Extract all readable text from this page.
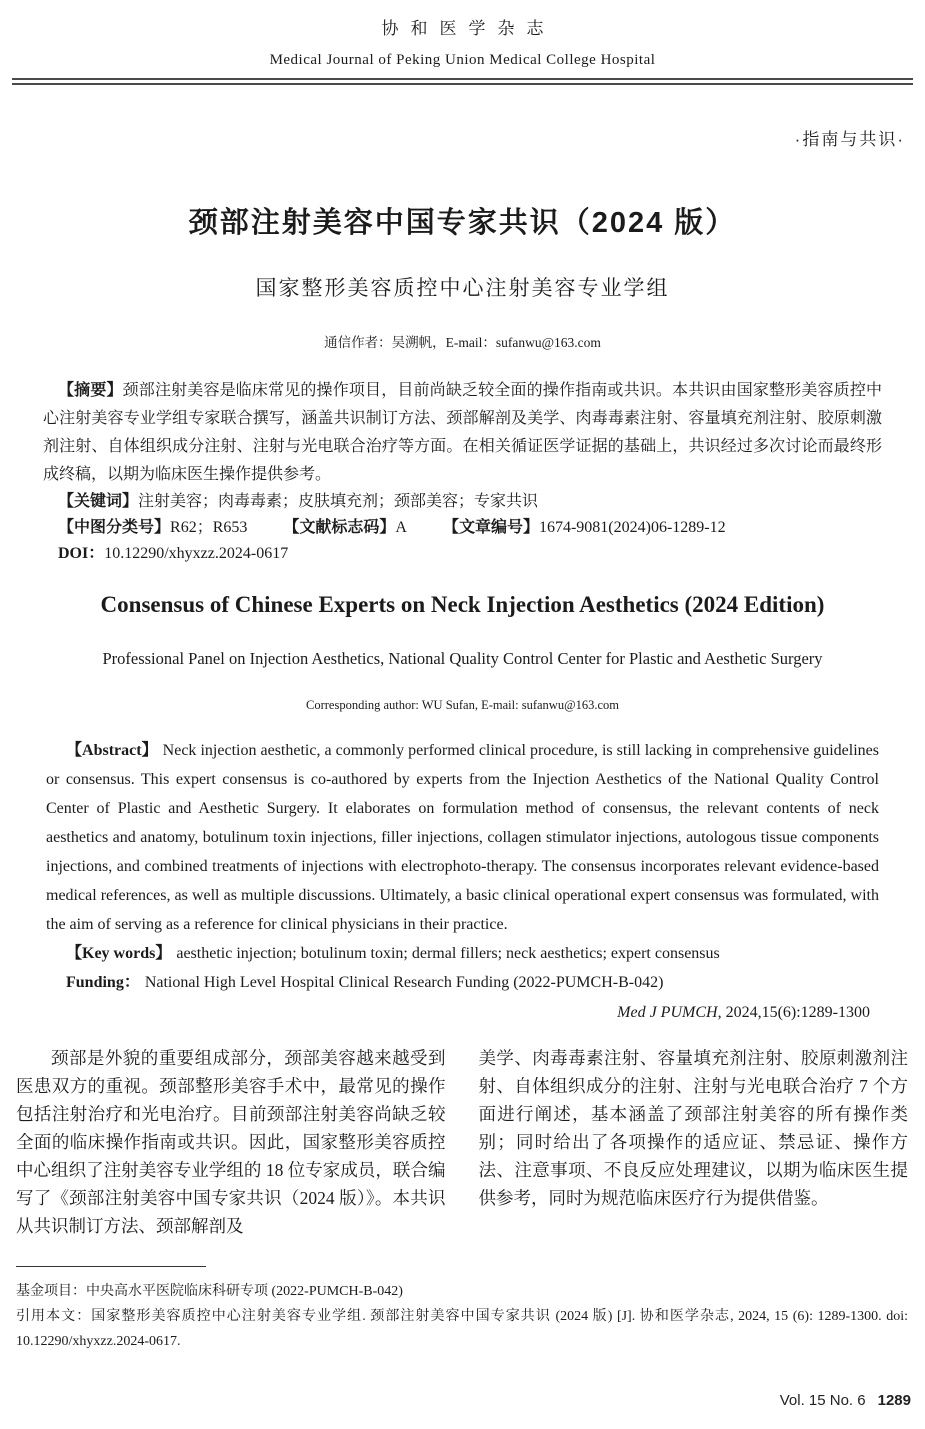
协和医学杂志
Medical Journal of Peking Union Medical College Hospital
·指南与共识·
颈部注射美容中国专家共识（2024 版）
国家整形美容质控中心注射美容专业学组
通信作者：吴溯帆，E-mail：sufanwu@163.com

【摘要】颈部注射美容是临床常见的操作项目，目前尚缺乏较全面的操作指南或共识。本共识由国家整形美容质控中心注射美容专业学组专家联合撰写，涵盖共识制订方法、颈部解剖及美学、肉毒毒素注射、容量填充剂注射、胶原刺激剂注射、自体组织成分注射、注射与光电联合治疗等方面。在相关循证医学证据的基础上，共识经过多次讨论而最终形成终稿，以期为临床医生操作提供参考。

【关键词】注射美容；肉毒毒素；皮肤填充剂；颈部美容；专家共识

【中图分类号】R62；R653 【文献标志码】A 【文章编号】1674-9081(2024)06-1289-12

DOI：10.12290/xhyxzz.2024-0617

Consensus of Chinese Experts on Neck Injection Aesthetics (2024 Edition)
Professional Panel on Injection Aesthetics, National Quality Control Center for Plastic and Aesthetic Surgery
Corresponding author: WU Sufan, E-mail: sufanwu@163.com

【Abstract】 Neck injection aesthetic, a commonly performed clinical procedure, is still lacking in comprehensive guidelines or consensus. This expert consensus is co-authored by experts from the Injection Aesthetics of the National Quality Control Center of Plastic and Aesthetic Surgery. It elaborates on formulation method of consensus, the relevant contents of neck aesthetics and anatomy, botulinum toxin injections, filler injections, collagen stimulator injections, autologous tissue components injections, and combined treatments of injections with electrophoto-therapy. The consensus incorporates relevant evidence-based medical references, as well as multiple discussions. Ultimately, a basic clinical operational expert consensus was formulated, with the aim of serving as a reference for clinical physicians in their practice.

【Key words】 aesthetic injection; botulinum toxin; dermal fillers; neck aesthetics; expert consensus

Funding： National High Level Hospital Clinical Research Funding (2022-PUMCH-B-042)

Med J PUMCH, 2024,15(6):1289-1300

颈部是外貌的重要组成部分，颈部美容越来越受到医患双方的重视。颈部整形美容手术中，最常见的操作包括注射治疗和光电治疗。目前颈部注射美容尚缺乏较全面的临床操作指南或共识。因此，国家整形美容质控中心组织了注射美容专业学组的 18 位专家成员，联合编写了《颈部注射美容中国专家共识（2024 版）》。本共识从共识制订方法、颈部解剖及

美学、肉毒毒素注射、容量填充剂注射、胶原刺激剂注射、自体组织成分的注射、注射与光电联合治疗 7 个方面进行阐述，基本涵盖了颈部注射美容的所有操作类别；同时给出了各项操作的适应证、禁忌证、操作方法、注意事项、不良反应处理建议，以期为临床医生提供参考，同时为规范临床医疗行为提供借鉴。

基金项目：中央高水平医院临床科研专项 (2022-PUMCH-B-042)

引用本文：国家整形美容质控中心注射美容专业学组. 颈部注射美容中国专家共识 (2024 版) [J]. 协和医学杂志, 2024, 15 (6): 1289-1300. doi: 10.12290/xhyxzz.2024-0617.

Vol. 15 No. 6 1289
